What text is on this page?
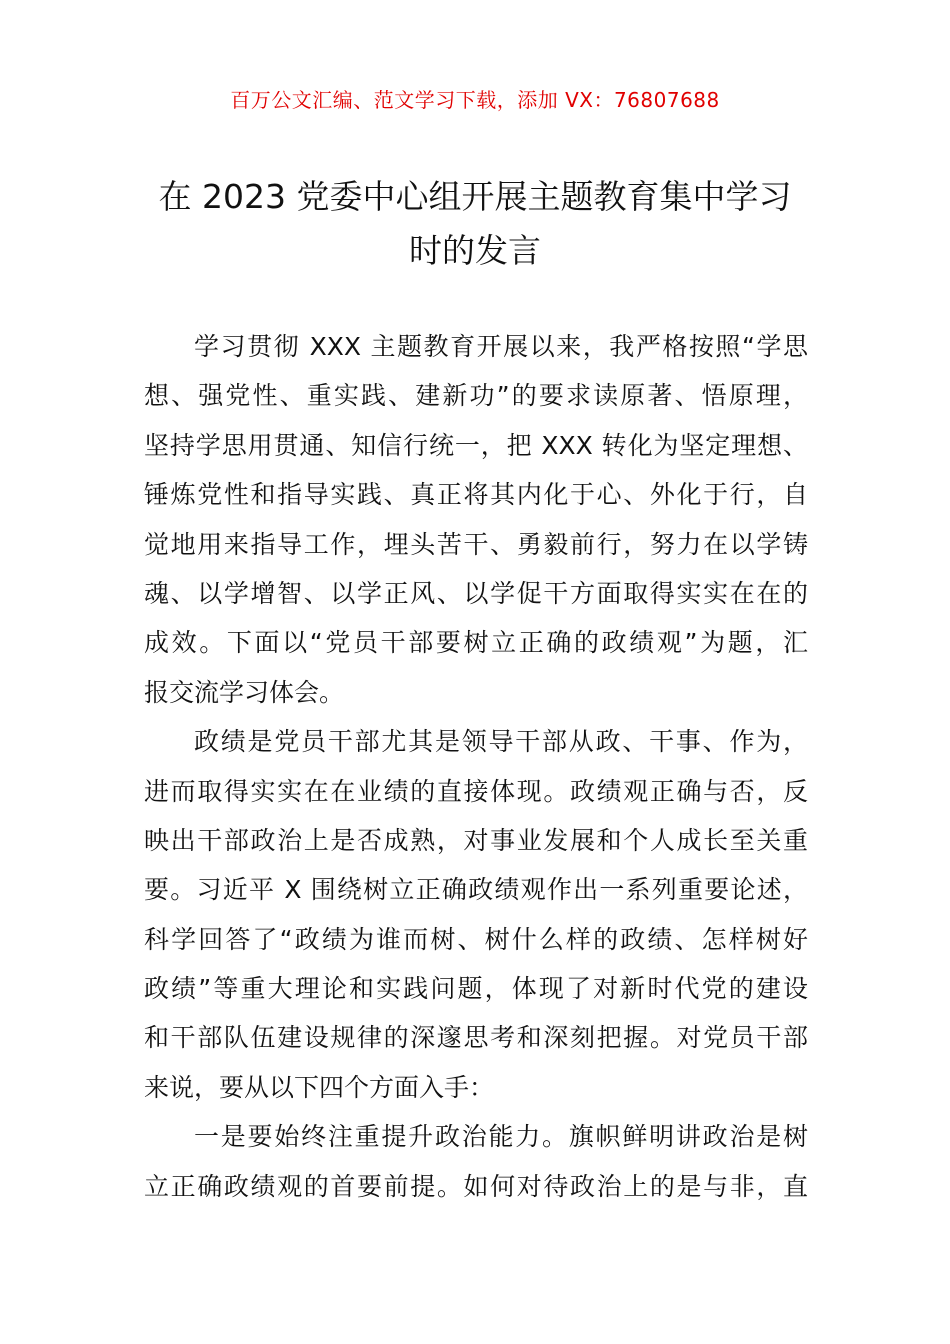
百万公文汇编、范文学习下载，添加 VX：76807688
在 2023 党委中心组开展主题教育集中学习
时的发言
学习贯彻 XXX 主题教育开展以来，我严格按照“学思
想、强党性、重实践、建新功”的要求读原著、悟原理，
坚持学思用贯通、知信行统一，把 XXX 转化为坚定理想、
锤炼党性和指导实践、真正将其内化于心、外化于行，自
觉地用来指导工作，埋头苦干、勇毅前行，努力在以学铸
魂、以学增智、以学正风、以学促干方面取得实实在在的
成效。下面以“党员干部要树立正确的政绩观”为题，汇
报交流学习体会。
政绩是党员干部尤其是领导干部从政、干事、作为，
进而取得实实在在业绩的直接体现。政绩观正确与否，反
映出干部政治上是否成熟，对事业发展和个人成长至关重
要。习近平 X 围绕树立正确政绩观作出一系列重要论述，
科学回答了“政绩为谁而树、树什么样的政绩、怎样树好
政绩”等重大理论和实践问题，体现了对新时代党的建设
和干部队伍建设规律的深邃思考和深刻把握。对党员干部
来说，要从以下四个方面入手：
一是要始终注重提升政治能力。旗帜鲜明讲政治是树
立正确政绩观的首要前提。如何对待政治上的是与非，直
